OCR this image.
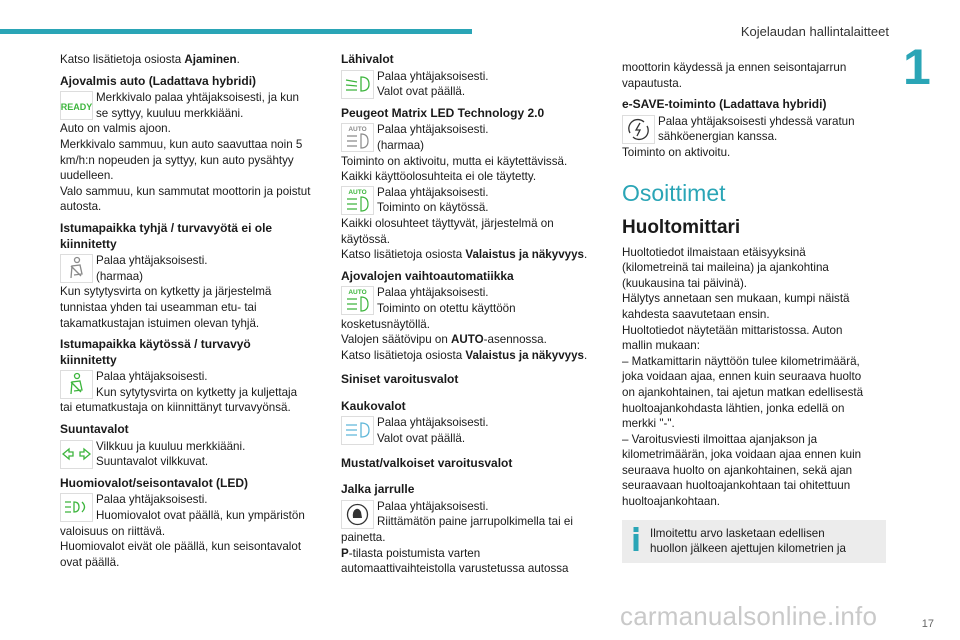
Kojelaudan hallintalaitteet
1
17
carmanualsonline.info

Katso lisätietoja osiosta Ajaminen.

Ajovalmis auto (Ladattava hybridi)

READY

Merkkivalo palaa yhtäjaksoisesti, ja kun

se syttyy, kuuluu merkkiääni.

Auto on valmis ajoon.

Merkkivalo sammuu, kun auto saavuttaa noin 5

km/h:n nopeuden ja syttyy, kun auto pysähtyy

uudelleen.

Valo sammuu, kun sammutat moottorin ja poistut

autosta.

Istumapaikka tyhjä / turvavyötä ei ole
kiinnitetty

Palaa yhtäjaksoisesti.

(harmaa)

Kun sytytysvirta on kytketty ja järjestelmä

tunnistaa yhden tai useamman etu- tai

takamatkustajan istuimen olevan tyhjä.

Istumapaikka käytössä / turvavyö
kiinnitetty

Palaa yhtäjaksoisesti.

Kun sytytysvirta on kytketty ja kuljettaja

tai etumatkustaja on kiinnittänyt turvavyönsä.

Suuntavalot

Vilkkuu ja kuuluu merkkiääni.

Suuntavalot vilkkuvat.

Huomiovalot/seisontavalot (LED)

Palaa yhtäjaksoisesti.

Huomiovalot ovat päällä, kun ympäristön

valoisuus on riittävä.

Huomiovalot eivät ole päällä, kun seisontavalot

ovat päällä.

Lähivalot

Palaa yhtäjaksoisesti.

Valot ovat päällä.

Peugeot Matrix LED Technology 2.0

AUTO Palaa yhtäjaksoisesti.

(harmaa)

Toiminto on aktivoitu, mutta ei käytettävissä.

Kaikki käyttöolosuhteita ei ole täytetty.

AUTO Palaa yhtäjaksoisesti.

Toiminto on käytössä.

Kaikki olosuhteet täyttyvät, järjestelmä on

käytössä.

Katso lisätietoja osiosta Valaistus ja näkyvyys.

Ajovalojen vaihtoautomatiikka

AUTO Palaa yhtäjaksoisesti.

Toiminto on otettu käyttöön

kosketusnäytöllä.

Valojen säätövipu on AUTO-asennossa.

Katso lisätietoja osiosta Valaistus ja näkyvyys.

Siniset varoitusvalot

Kaukovalot

Palaa yhtäjaksoisesti.

Valot ovat päällä.

Mustat/valkoiset varoitusvalot

Jalka jarrulle

Palaa yhtäjaksoisesti.

Riittämätön paine jarrupolkimella tai ei

painetta.

P-tilasta poistumista varten

automaattivaihteistolla varustetussa autossa

moottorin käydessä ja ennen seisontajarrun

vapautusta.

e-SAVE-toiminto (Ladattava hybridi)

Palaa yhtäjaksoisesti yhdessä varatun

sähköenergian kanssa.

Toiminto on aktivoitu.

Osoittimet

Huoltomittari

Huoltotiedot ilmaistaan etäisyyksinä

(kilometreinä tai maileina) ja ajankohtina

(kuukausina tai päivinä).

Hälytys annetaan sen mukaan, kumpi näistä

kahdesta saavutetaan ensin.

Huoltotiedot näytetään mittaristossa. Auton

mallin mukaan:

– Matkamittarin näyttöön tulee kilometrimäärä,

joka voidaan ajaa, ennen kuin seuraava huolto

on ajankohtainen, tai ajetun matkan edellisestä

huoltoajankohdasta lähtien, jonka edellä on

merkki "-".

– Varoitusviesti ilmoittaa ajanjakson ja

kilometrimäärän, joka voidaan ajaa ennen kuin

seuraava huolto on ajankohtainen, sekä ajan

seuraavaan huoltoajankohtaan tai ohitettuun

huoltoajankohtaan.

Ilmoitettu arvo lasketaan edellisen

huollon jälkeen ajettujen kilometrien ja
